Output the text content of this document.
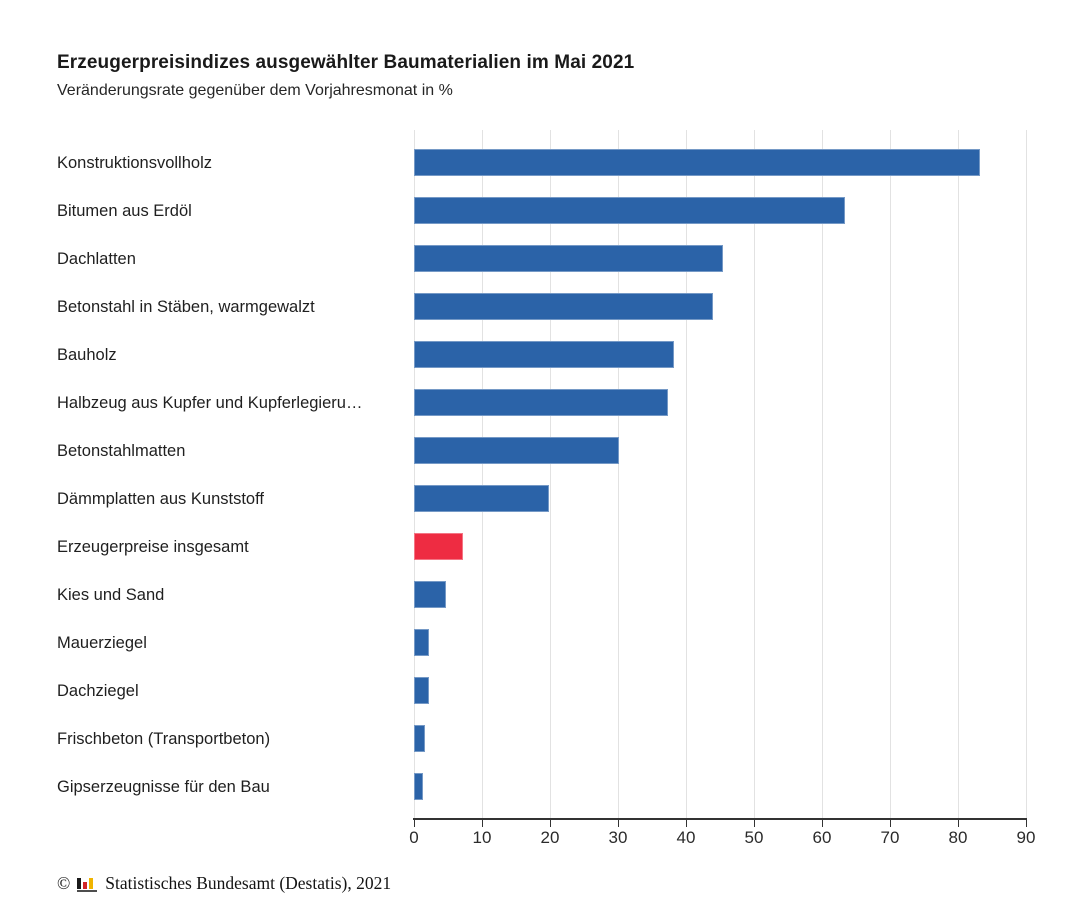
Erzeugerpreisindizes ausgewählter Baumaterialien im Mai 2021
Veränderungsrate gegenüber dem Vorjahresmonat in %
Konstruktionsvollholz
Bitumen aus Erdöl
Dachlatten
Betonstahl in Stäben, warmgewalzt
Bauholz
Halbzeug aus Kupfer und Kupferlegieru…
Betonstahlmatten
Dämmplatten aus Kunststoff
Erzeugerpreise insgesamt
Kies und Sand
Mauerziegel
Dachziegel
Frischbeton (Transportbeton)
Gipserzeugnisse für den Bau
0	10	20	30	40	50	60	70	80	90
© Statistisches Bundesamt (Destatis), 2021
